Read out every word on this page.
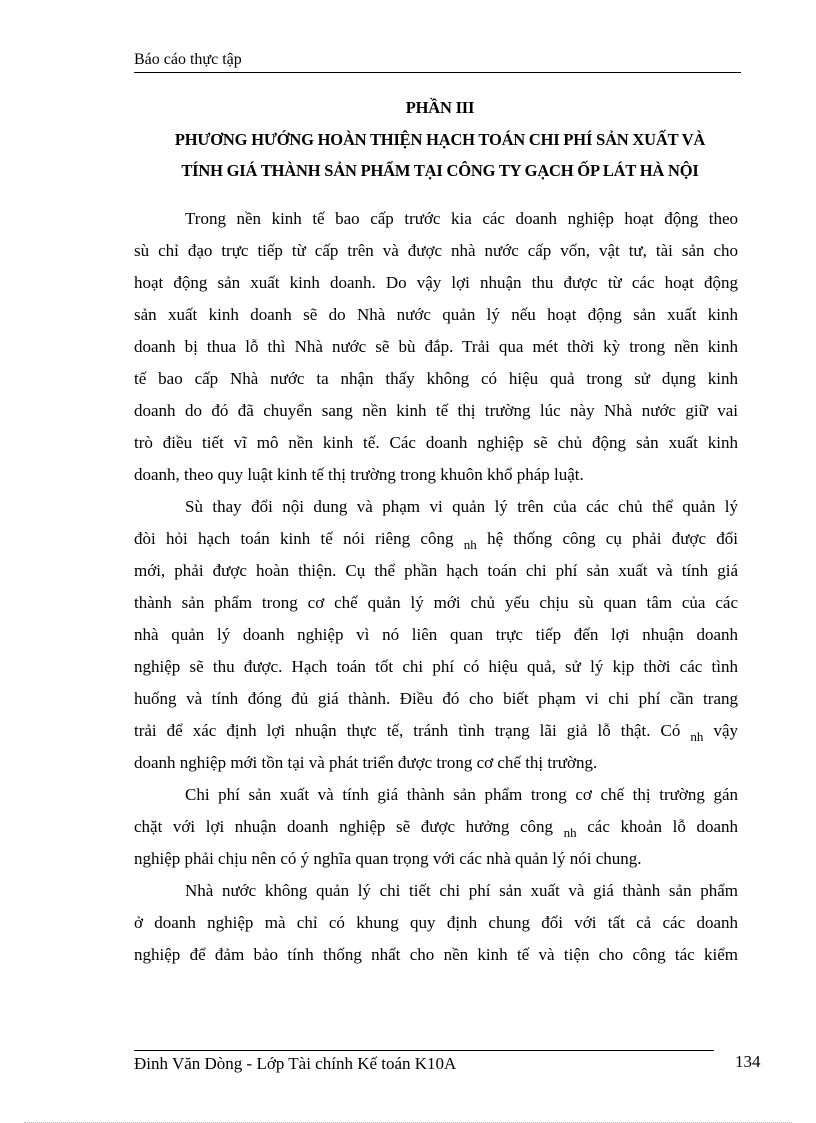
Báo cáo thực tập
PHẦN III
PHƯƠNG HƯỚNG HOÀN THIỆN HẠCH TOÁN CHI PHÍ SẢN XUẤT VÀ
TÍNH GIÁ THÀNH SẢN PHẨM TẠI CÔNG TY GẠCH ỐP LÁT HÀ NỘI
Trong nền kinh tế bao cấp trước kia các doanh nghiệp hoạt động theo
sù chỉ đạo trực tiếp từ cấp trên và được nhà nước cấp vốn, vật tư, tài sản cho
hoạt động sản xuất kinh doanh. Do vậy lợi nhuận thu được từ các hoạt động
sản xuất kinh doanh sẽ do Nhà nước quản lý nếu hoạt động sản xuất kinh
doanh bị thua lỗ thì Nhà nước sẽ bù đắp. Trải qua mét thời kỳ trong nền kinh
tế bao cấp Nhà nước ta nhận thấy không có hiệu quả trong sử dụng kinh
doanh do đó đã chuyển sang nền kinh tế thị trường lúc này Nhà nước giữ vai
trò điều tiết vĩ mô nền kinh tế. Các doanh nghiệp sẽ chủ động sản xuất kinh
doanh, theo quy luật kinh tế thị trường trong khuôn khổ pháp luật.
Sù thay đổi nội dung và phạm vi quản lý trên của các chủ thể quản lý
đòi hỏi hạch toán kinh tế nói riêng công $_{nh}$ hệ thống công cụ phải được đổi
mới, phải được hoàn thiện. Cụ thể phần hạch toán chi phí sản xuất và tính giá
thành sản phẩm trong cơ chế quản lý mới chủ yếu chịu sù quan tâm của các
nhà quản lý doanh nghiệp vì nó liên quan trực tiếp đến lợi nhuận doanh
nghiệp sẽ thu được. Hạch toán tốt chi phí có hiệu quả, sử lý kịp thời các tình
huống và tính đóng đủ giá thành. Điều đó cho biết phạm vi chi phí cần trang
trải để xác định lợi nhuận thực tế, tránh tình trạng lãi giả lỗ thật. Có $_{nh}$ vậy
doanh nghiệp mới tồn tại và phát triển được trong cơ chế thị trường.
Chi phí sản xuất và tính giá thành sản phẩm trong cơ chế thị trường gán
chặt với lợi nhuận doanh nghiệp sẽ được hưởng công $_{nh}$ các khoản lỗ doanh
nghiệp phải chịu nên có ý nghĩa quan trọng với các nhà quản lý nói chung.
Nhà nước không quản lý chi tiết chi phí sản xuất và giá thành sản phẩm
ở doanh nghiệp mà chỉ có khung quy định chung đối với tất cả các doanh
nghiệp để đảm bảo tính thống nhất cho nền kinh tế và tiện cho công tác kiểm
Đinh Văn Dòng - Lớp Tài chính Kế toán K10A	134
